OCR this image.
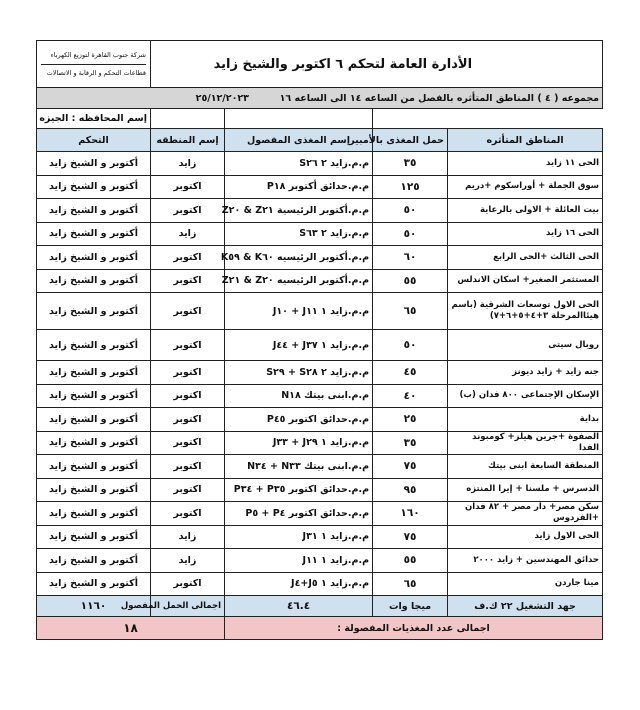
الأدارة العامة لتحكم ٦ اكتوبر والشيخ زايد				شركة جنوب القاهرة لتوزيع الكهرباء
قطاعات التحكم و الرقابة و الاتصالات

مجموعه ( ٤ ) المناطق المتأثره بالفصل من الساعه ١٤ الى الساعه ١٦  ٢٥/١٢/٢٠٢٣				
				إسم المحافظه : الجيزه
المناطق المتأثره	حمل المغذى بالأمبير	إسم المغذى المفصول	إسم المنطقه	التحكم
الحى ١١ زايد	٣٥	م.م.زايد ٢ S٢٦	زايد	أكتوبر و الشيخ زايد
سوق الجملة + أوراسكوم +دريم	١٢٥	م.م.حدائق أكتوبر P١٨	اكتوبر	أكتوبر و الشيخ زايد
بيت العائلة + الاولى بالرعاية	٥٠	م.م.أكتوبر الرئيسية Z٢١ & Z٢٠	اكتوبر	أكتوبر و الشيخ زايد
الحى ١٦ زايد	٥٠	م.م.زايد ٢ S٦٣	زايد	أكتوبر و الشيخ زايد
الحى الثالث +الحى الرابع	٦٠	م.م.أكتوبر الرئيسيه K٦٠ & K٥٩	اكتوبر	أكتوبر و الشيخ زايد
المستثمر الصغير+ اسكان الاندلس	٥٥	م.م.أكتوبر الرئيسيه Z٢٠ & Z٢١	اكتوبر	أكتوبر و الشيخ زايد
الحى الاول توسعات الشرقية (باسم هيئاالمرحلة ٣+٤+٥+٦+٧)	٦٥	م.م.زايد ١ J١١ + J١٠	اكتوبر	أكتوبر و الشيخ زايد
روبال سيتى	٥٠	م.م.زايد ١ J٣٧ + J٤٤	اكتوبر	أكتوبر و الشيخ زايد
جنه زايد + زايد ديونز	٤٥	م.م.زايد ٢ S٢٨ + S٢٩	اكتوبر	أكتوبر و الشيخ زايد
الإسكان الإجتماعى ٨٠٠ فدان (ب)	٤٠	م.م.ابنى بيتك N١٨	اكتوبر	أكتوبر و الشيخ زايد
بداية	٢٥	م.م.حدائق اكتوبر P٤٥	اكتوبر	أكتوبر و الشيخ زايد
الصفوة +جرين هيلز+ كومبوند الفدا	٣٥	م.م.زايد ١ J٢٩ + J٣٣	اكتوبر	أكتوبر و الشيخ زايد
المنطقة السابعة ابنى بيتك	٧٥	م.م.ابنى بيتك N٣٣ + N٣٤	اكتوبر	أكتوبر و الشيخ زايد
الدسرس + ملسنا + إيرا المنتزه	٩٥	م.م.حدائق اكتوبر P٣٥ + P٣٤	اكتوبر	أكتوبر و الشيخ زايد
سكن مصر+ دار مصر + ٨٢ فدان +الفردوس	١٦٠	م.م.حدائق اكتوبر P٤ + P٥	اكتوبر	أكتوبر و الشيخ زايد
الحى الاول زايد	٧٥	م.م.زايد ١ J٣١	زايد	أكتوبر و الشيخ زايد
حدائق المهندسين + زايد ٢٠٠٠	٥٥	م.م.زايد ١ J١١	زايد	أكتوبر و الشيخ زايد
مينا جاردن	٦٥	م.م.زايد ١ J٥+J٤	اكتوبر	أكتوبر و الشيخ زايد
جهد التشغيل ٢٢ ك.ف	ميجا وات	٤٦.٤	اجمالى الحمل المفصول	١١٦٠
اجمالى عدد المغذيات المفصولة :			١٨	
